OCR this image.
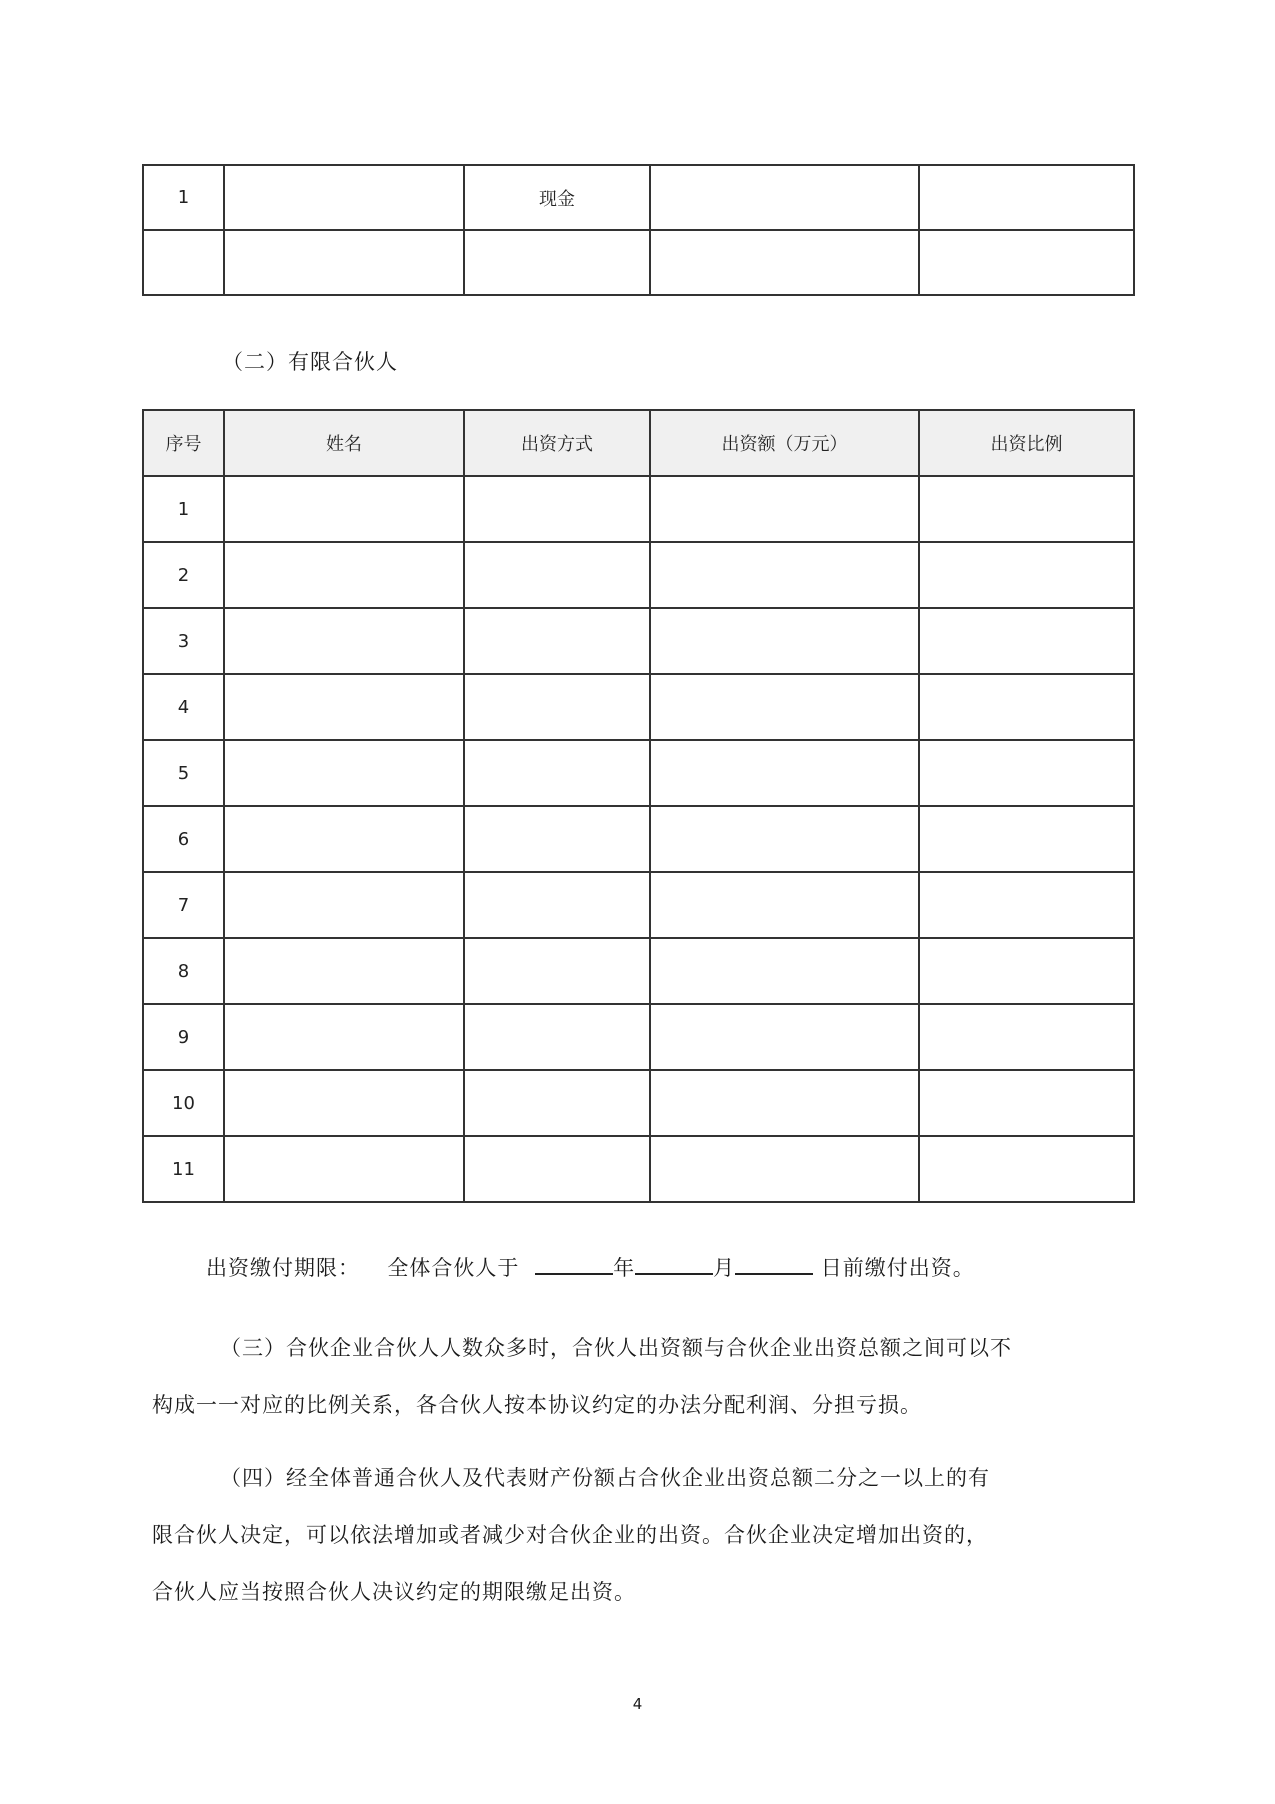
1		现金		

（二）有限合伙人
序号	姓名	出资方式	出资额（万元）	出资比例
1				
2				
3				
4				
5				
6				
7				
8				
9				
10				
11				
出资缴付期限： 全体合伙人于	年	月	日前缴付出资。
（三）合伙企业合伙人人数众多时，合伙人出资额与合伙企业出资总额之间可以不
构成一一对应的比例关系，各合伙人按本协议约定的办法分配利润、分担亏损。
（四）经全体普通合伙人及代表财产份额占合伙企业出资总额二分之一以上的有
限合伙人决定，可以依法增加或者减少对合伙企业的出资。合伙企业决定增加出资的，
合伙人应当按照合伙人决议约定的期限缴足出资。
4
